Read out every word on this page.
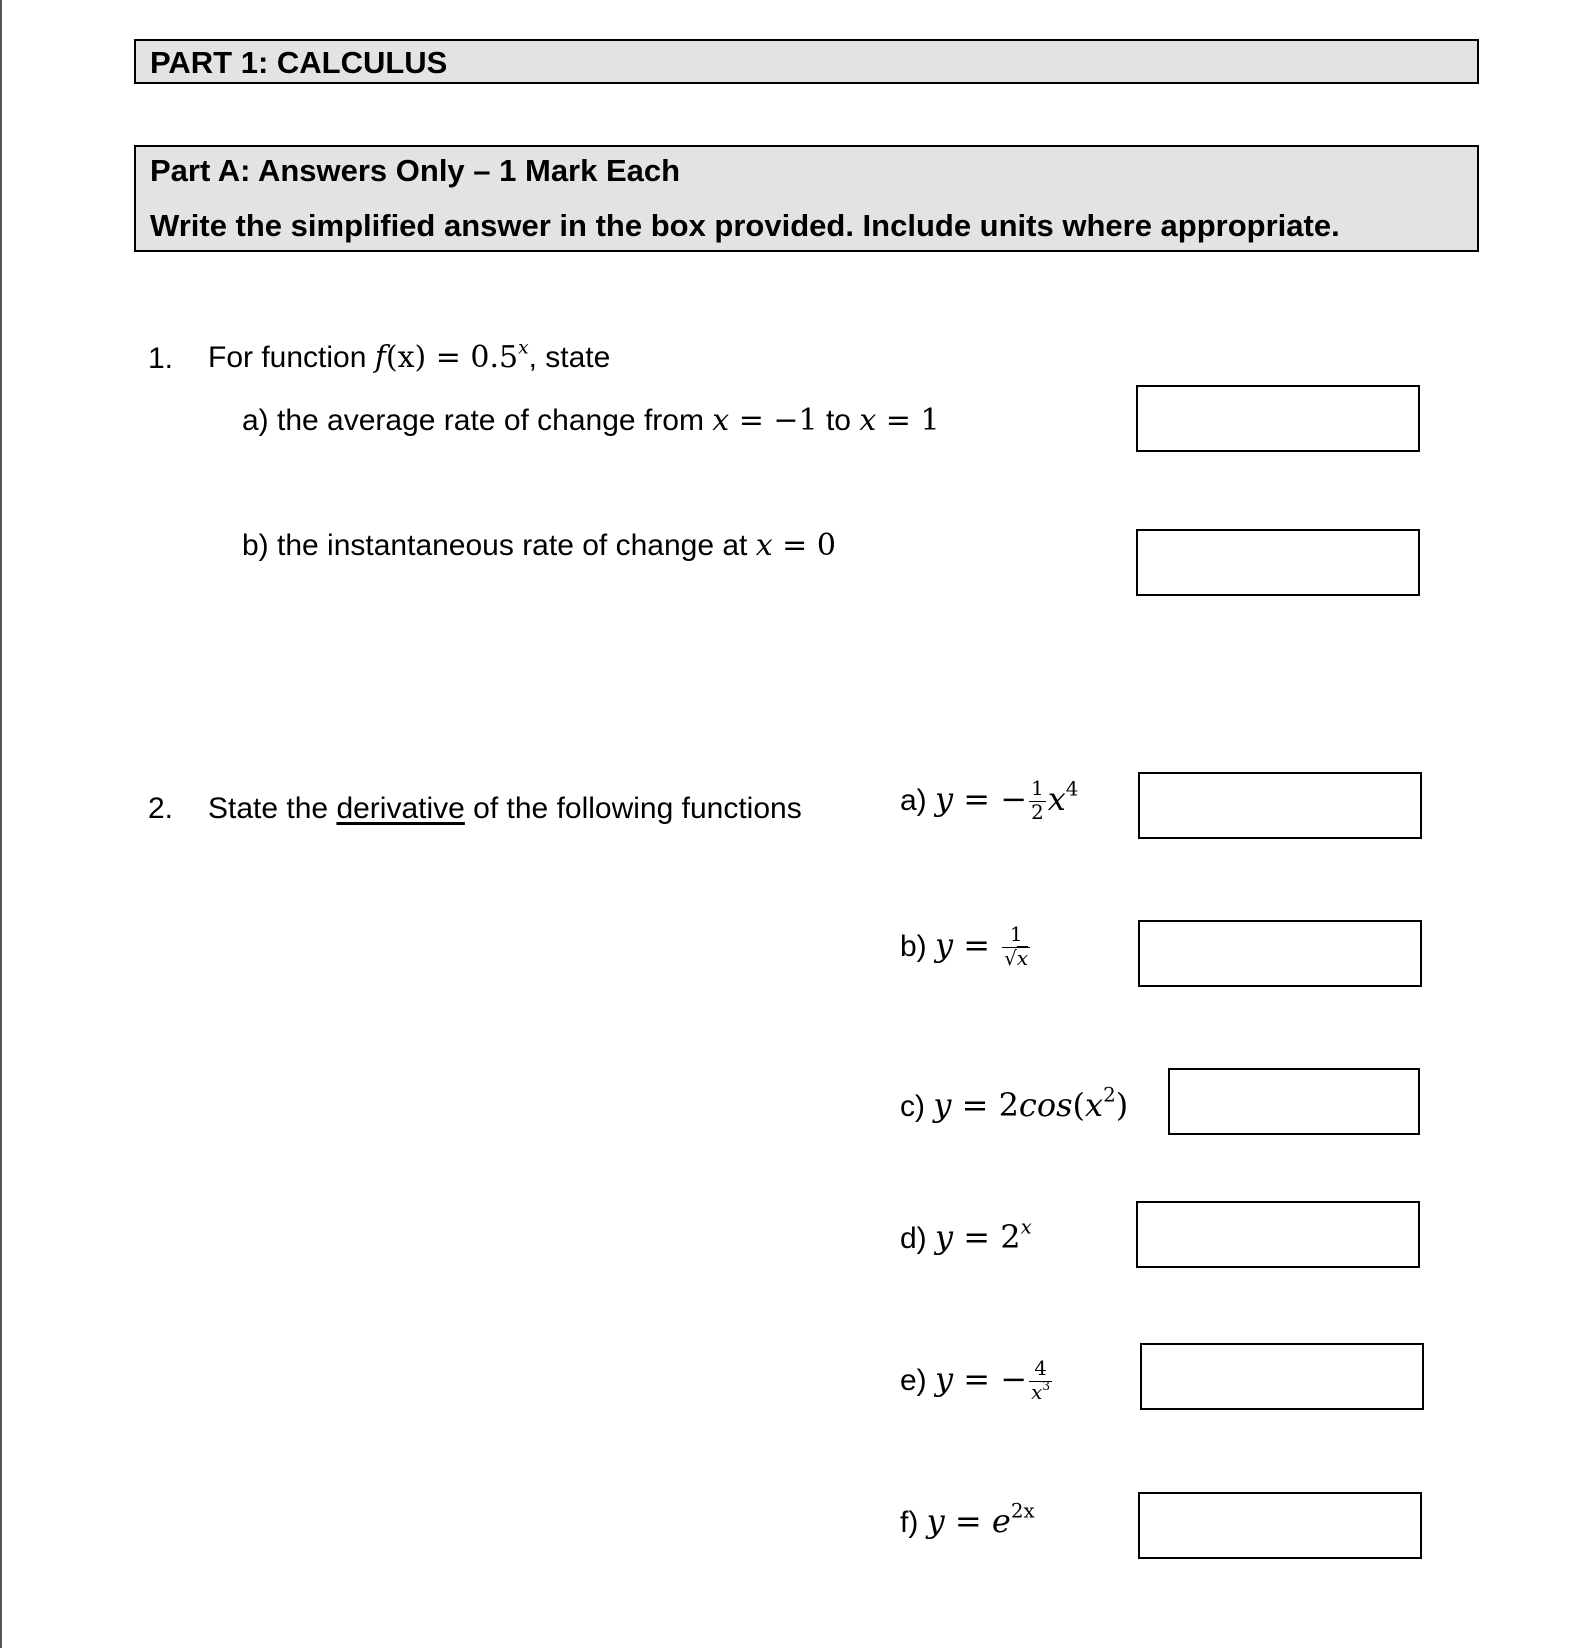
PART 1: CALCULUS
Part A: Answers Only – 1 Mark Each
Write the simplified answer in the box provided. Include units where appropriate.
1. For function $f(x) = 0.5^x$, state
a) the average rate of change from x = −1 to x = 1
b) the instantaneous rate of change at x = 0
2. State the derivative of the following functions	a) y = − $\frac{1}{2} x^4$
b) $y = \frac{1}{√x}$
c) $y = 2\cos(x^2)$
d) $y = 2^x$
e) y = − $\frac{4}{x^3}$
f) $y = e^{2x}$
